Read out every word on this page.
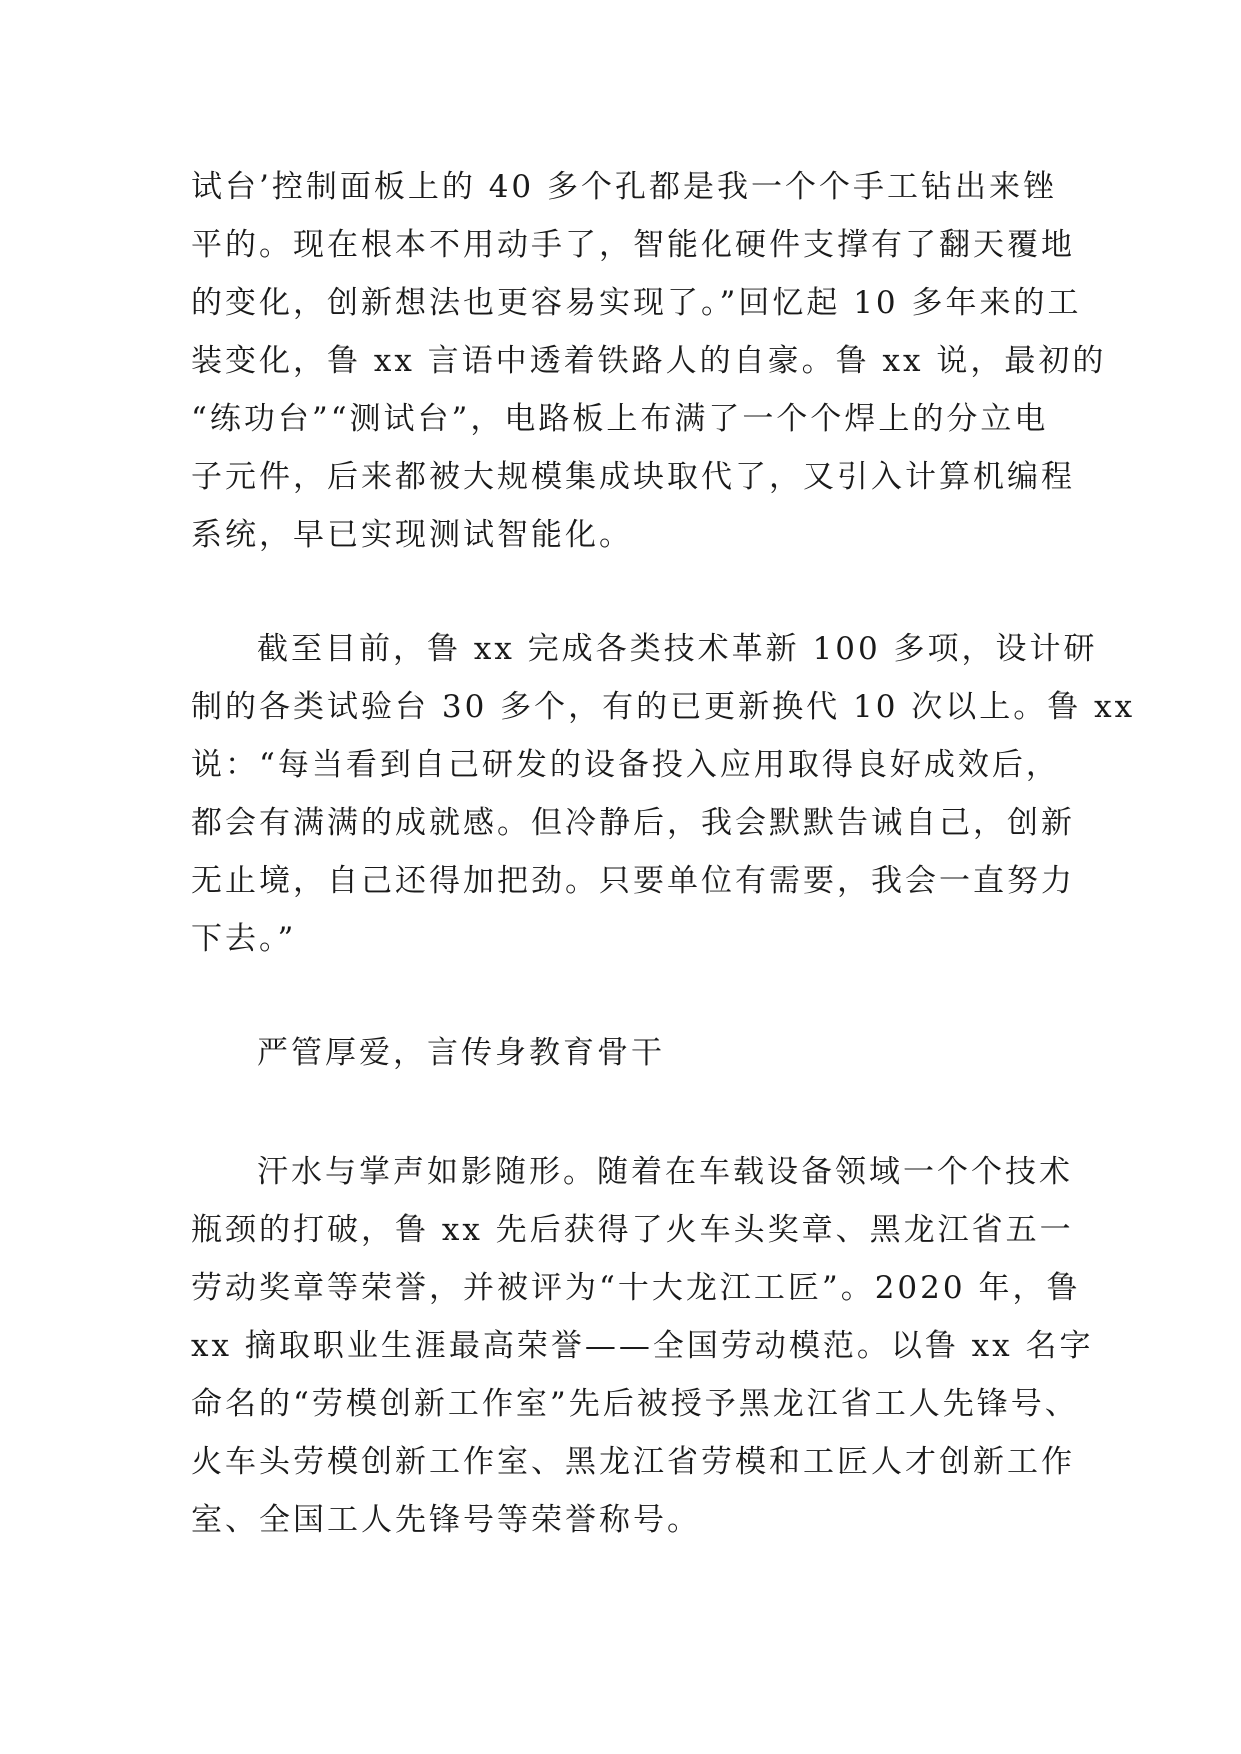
试台’控制面板上的 40 多个孔都是我一个个手工钻出来锉
平的。现在根本不用动手了，智能化硬件支撑有了翻天覆地
的变化，创新想法也更容易实现了。”回忆起 10 多年来的工
装变化，鲁 xx 言语中透着铁路人的自豪。鲁 xx 说，最初的
“练功台”“测试台”，电路板上布满了一个个焊上的分立电
子元件，后来都被大规模集成块取代了，又引入计算机编程
系统，早已实现测试智能化。
截至目前，鲁 xx 完成各类技术革新 100 多项，设计研
制的各类试验台 30 多个，有的已更新换代 10 次以上。鲁 xx
说：“每当看到自己研发的设备投入应用取得良好成效后，
都会有满满的成就感。但冷静后，我会默默告诫自己，创新
无止境，自己还得加把劲。只要单位有需要，我会一直努力
下去。”
严管厚爱，言传身教育骨干
汗水与掌声如影随形。随着在车载设备领域一个个技术
瓶颈的打破，鲁 xx 先后获得了火车头奖章、黑龙江省五一
劳动奖章等荣誉，并被评为“十大龙江工匠”。2020 年，鲁
xx 摘取职业生涯最高荣誉——全国劳动模范。以鲁 xx 名字
命名的“劳模创新工作室”先后被授予黑龙江省工人先锋号、
火车头劳模创新工作室、黑龙江省劳模和工匠人才创新工作
室、全国工人先锋号等荣誉称号。
